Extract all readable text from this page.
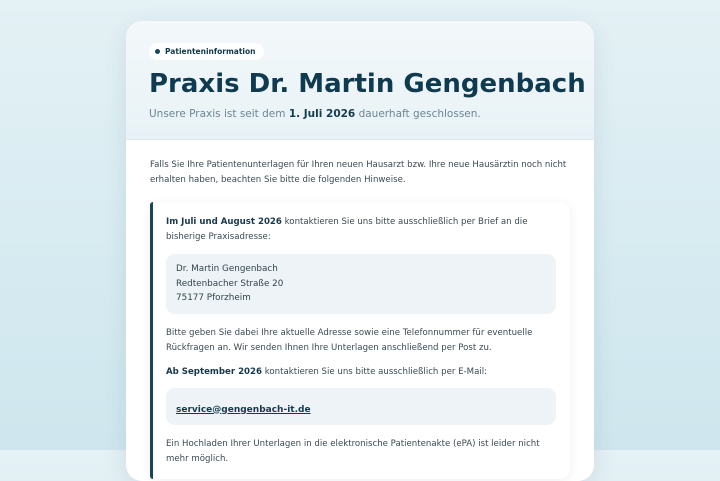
Patienteninformation
Praxis Dr. Martin Gengenbach
Unsere Praxis ist seit dem 1. Juli 2026 dauerhaft geschlossen.

Falls Sie Ihre Patientenunterlagen für Ihren neuen Hausarzt bzw. Ihre neue Hausärztin noch nicht erhalten haben, beachten Sie bitte die folgenden Hinweise.

Im Juli und August 2026 kontaktieren Sie uns bitte ausschließlich per Brief an die bisherige Praxisadresse:

Dr. Martin Gengenbach
Redtenbacher Straße 20
75177 Pforzheim

Bitte geben Sie dabei Ihre aktuelle Adresse sowie eine Telefonnummer für eventuelle Rückfragen an. Wir senden Ihnen Ihre Unterlagen anschließend per Post zu.

Ab September 2026 kontaktieren Sie uns bitte ausschließlich per E-Mail:

service@gengenbach-it.de

Ein Hochladen Ihrer Unterlagen in die elektronische Patientenakte (ePA) ist leider nicht mehr möglich.
